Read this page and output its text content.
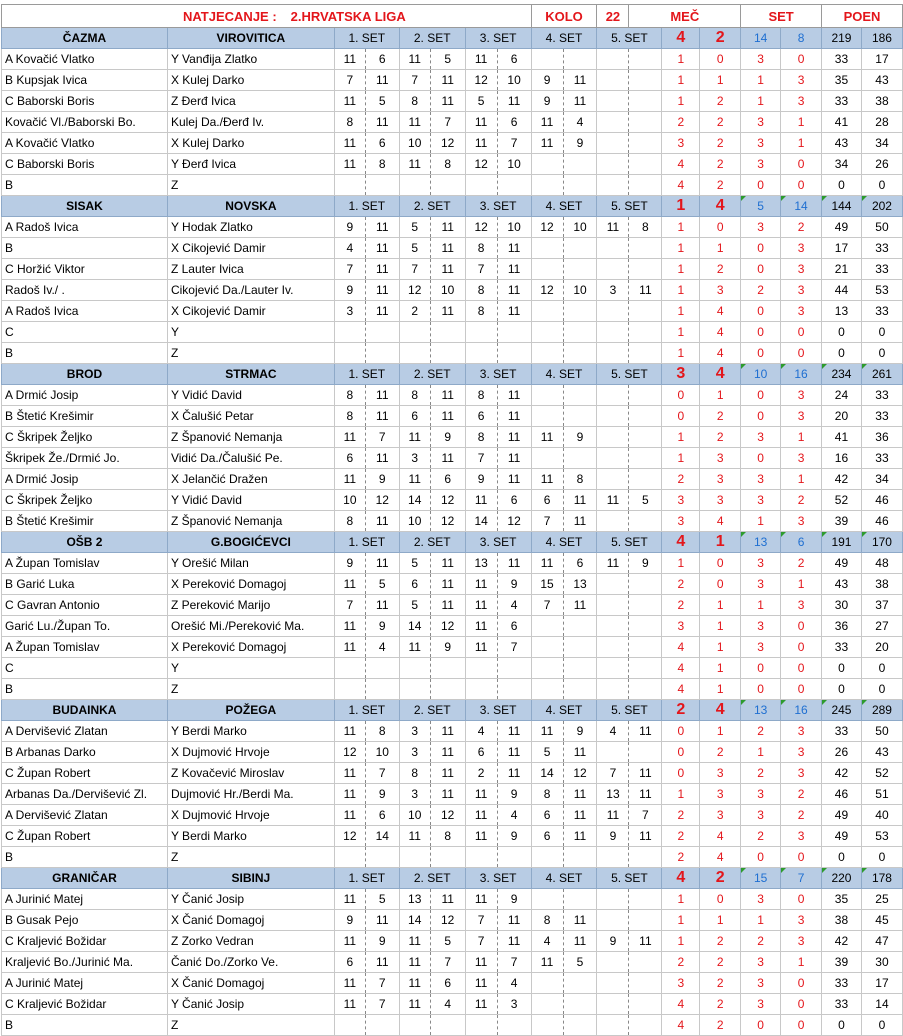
NATJECANJE : 2.HRVATSKA LIGA								KOLO		22	MEČ			SET		POEN	
ČAZMA	VIROVITICA	1. SET		2. SET		3. SET		4. SET		5. SET		4	2	14	8	219	186
A Kovačić Vlatko	Y Vanđija Zlatko	11	6	11	5	11	6					1	0	3	0	33	17
B Kupsjak Ivica	X Kulej Darko	7	11	7	11	12	10	9	11			1	1	1	3	35	43
C Baborski Boris	Z Đerđ Ivica	11	5	8	11	5	11	9	11			1	2	1	3	33	38
Kovačić Vl./Baborski Bo.	Kulej Da./Đerđ Iv.	8	11	11	7	11	6	11	4			2	2	3	1	41	28
A Kovačić Vlatko	X Kulej Darko	11	6	10	12	11	7	11	9			3	2	3	1	43	34
C Baborski Boris	Y Đerđ Ivica	11	8	11	8	12	10					4	2	3	0	34	26
B	Z											4	2	0	0	0	0
SISAK	NOVSKA	1. SET		2. SET		3. SET		4. SET		5. SET		1	4	5	14	144	202
A Radoš Ivica	Y Hodak Zlatko	9	11	5	11	12	10	12	10	11	8	1	0	3	2	49	50
B	X Cikojević Damir	4	11	5	11	8	11					1	1	0	3	17	33
C Horžić Viktor	Z Lauter Ivica	7	11	7	11	7	11					1	2	0	3	21	33
Radoš Iv./ .	Cikojević Da./Lauter Iv.	9	11	12	10	8	11	12	10	3	11	1	3	2	3	44	53
A Radoš Ivica	X Cikojević Damir	3	11	2	11	8	11					1	4	0	3	13	33
C	Y											1	4	0	0	0	0
B	Z											1	4	0	0	0	0
BROD	STRMAC	1. SET		2. SET		3. SET		4. SET		5. SET		3	4	10	16	234	261
A Drmić Josip	Y Vidić David	8	11	8	11	8	11					0	1	0	3	24	33
B Štetić Krešimir	X Čalušić Petar	8	11	6	11	6	11					0	2	0	3	20	33
C Škripek Željko	Z Španović Nemanja	11	7	11	9	8	11	11	9			1	2	3	1	41	36
Škripek Že./Drmić Jo.	Vidić Da./Čalušić Pe.	6	11	3	11	7	11					1	3	0	3	16	33
A Drmić Josip	X Jelančić Dražen	11	9	11	6	9	11	11	8			2	3	3	1	42	34
C Škripek Željko	Y Vidić David	10	12	14	12	11	6	6	11	11	5	3	3	3	2	52	46
B Štetić Krešimir	Z Španović Nemanja	8	11	10	12	14	12	7	11			3	4	1	3	39	46
OŠB 2	G.BOGIĆEVCI	1. SET		2. SET		3. SET		4. SET		5. SET		4	1	13	6	191	170
A Župan Tomislav	Y Orešić Milan	9	11	5	11	13	11	11	6	11	9	1	0	3	2	49	48
B Garić Luka	X Pereković Domagoj	11	5	6	11	11	9	15	13			2	0	3	1	43	38
C Gavran Antonio	Z Pereković Marijo	7	11	5	11	11	4	7	11			2	1	1	3	30	37
Garić Lu./Župan To.	Orešić Mi./Pereković Ma.	11	9	14	12	11	6					3	1	3	0	36	27
A Župan Tomislav	X Pereković Domagoj	11	4	11	9	11	7					4	1	3	0	33	20
C	Y											4	1	0	0	0	0
B	Z											4	1	0	0	0	0
BUDAINKA	POŽEGA	1. SET		2. SET		3. SET		4. SET		5. SET		2	4	13	16	245	289
A Dervišević Zlatan	Y Berdi Marko	11	8	3	11	4	11	11	9	4	11	0	1	2	3	33	50
B Arbanas Darko	X Dujmović Hrvoje	12	10	3	11	6	11	5	11			0	2	1	3	26	43
C Župan Robert	Z Kovačević Miroslav	11	7	8	11	2	11	14	12	7	11	0	3	2	3	42	52
Arbanas Da./Dervišević Zl.	Dujmović Hr./Berdi Ma.	11	9	3	11	11	9	8	11	13	11	1	3	3	2	46	51
A Dervišević Zlatan	X Dujmović Hrvoje	11	6	10	12	11	4	6	11	11	7	2	3	3	2	49	40
C Župan Robert	Y Berdi Marko	12	14	11	8	11	9	6	11	9	11	2	4	2	3	49	53
B	Z											2	4	0	0	0	0
GRANIČAR	SIBINJ	1. SET		2. SET		3. SET		4. SET		5. SET		4	2	15	7	220	178
A Jurinić Matej	Y Čanić Josip	11	5	13	11	11	9					1	0	3	0	35	25
B Gusak Pejo	X Čanić Domagoj	9	11	14	12	7	11	8	11			1	1	1	3	38	45
C Kraljević Božidar	Z Zorko Vedran	11	9	11	5	7	11	4	11	9	11	1	2	2	3	42	47
Kraljević Bo./Jurinić Ma.	Čanić Do./Zorko Ve.	6	11	11	7	11	7	11	5			2	2	3	1	39	30
A Jurinić Matej	X Čanić Domagoj	11	7	11	6	11	4					3	2	3	0	33	17
C Kraljević Božidar	Y Čanić Josip	11	7	11	4	11	3					4	2	3	0	33	14
B	Z											4	2	0	0	0	0
